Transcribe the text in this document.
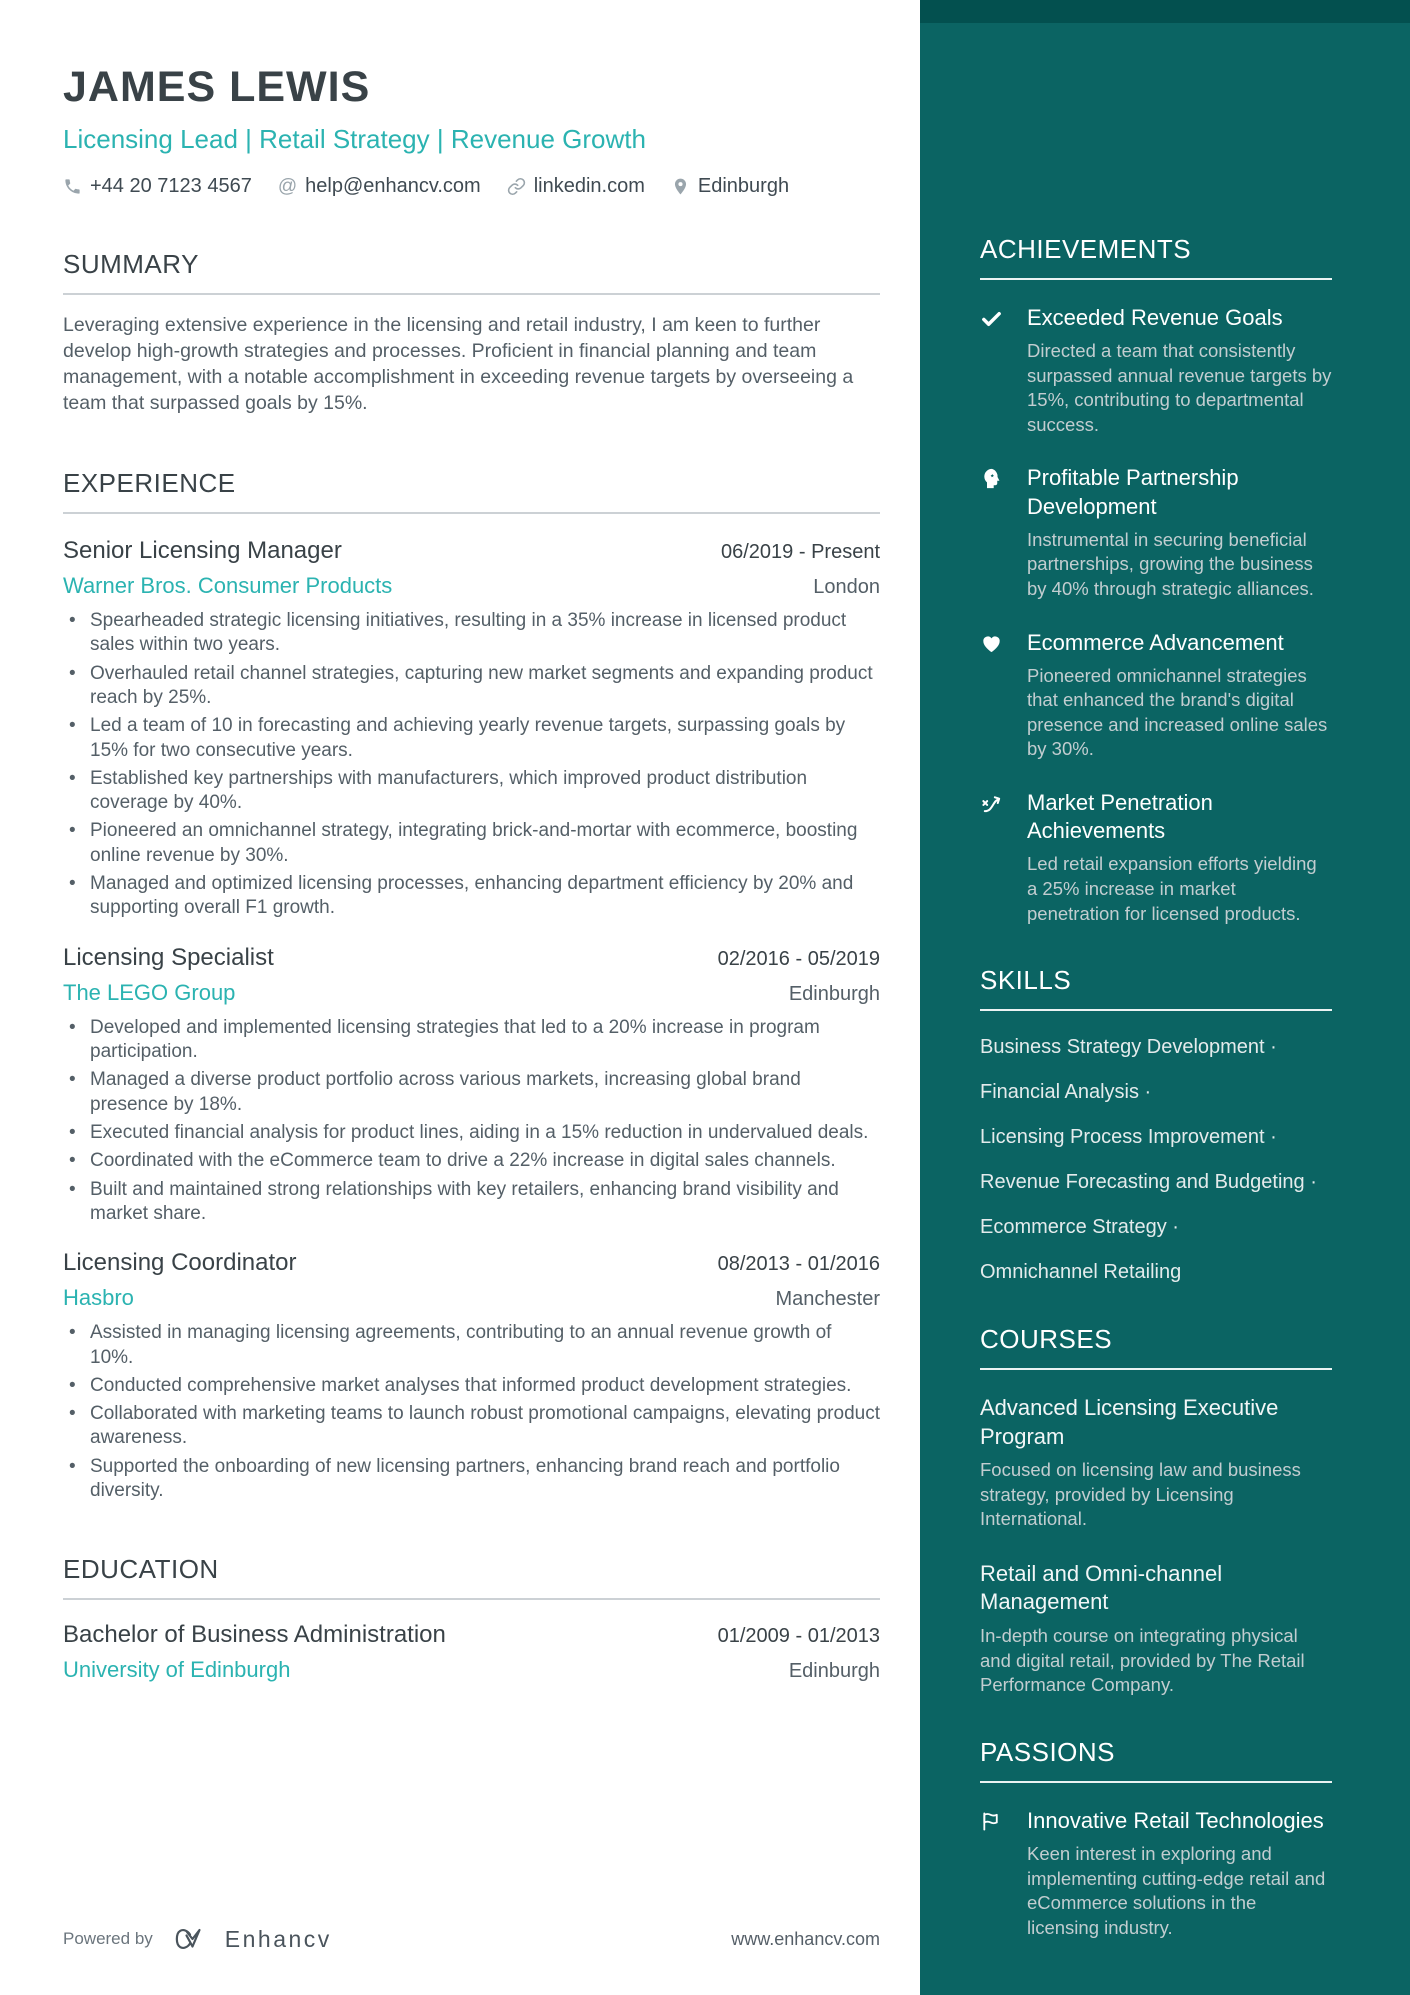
JAMES LEWIS
Licensing Lead | Retail Strategy | Revenue Growth
+44 20 7123 4567 @ help@enhancv.com	linkedin.com	Edinburgh
SUMMARY
Leveraging extensive experience in the licensing and retail industry, I am keen to further develop high-growth strategies and processes. Proficient in financial planning and team management, with a notable accomplishment in exceeding revenue targets by overseeing a team that surpassed goals by 15%.
EXPERIENCE
Senior Licensing Manager	06/2019 - Present
Warner Bros. Consumer Products	London
• Spearheaded strategic licensing initiatives, resulting in a 35% increase in licensed product sales within two years.
• Overhauled retail channel strategies, capturing new market segments and expanding product reach by 25%.
• Led a team of 10 in forecasting and achieving yearly revenue targets, surpassing goals by 15% for two consecutive years.
• Established key partnerships with manufacturers, which improved product distribution coverage by 40%.
• Pioneered an omnichannel strategy, integrating brick-and-mortar with ecommerce, boosting online revenue by 30%.
• Managed and optimized licensing processes, enhancing department efficiency by 20% and supporting overall F1 growth.
Licensing Specialist	02/2016 - 05/2019
The LEGO Group	Edinburgh
• Developed and implemented licensing strategies that led to a 20% increase in program participation.
• Managed a diverse product portfolio across various markets, increasing global brand presence by 18%.
• Executed financial analysis for product lines, aiding in a 15% reduction in undervalued deals.
• Coordinated with the eCommerce team to drive a 22% increase in digital sales channels.
• Built and maintained strong relationships with key retailers, enhancing brand visibility and market share.
Licensing Coordinator	08/2013 - 01/2016
Hasbro	Manchester
• Assisted in managing licensing agreements, contributing to an annual revenue growth of 10%.
• Conducted comprehensive market analyses that informed product development strategies.
• Collaborated with marketing teams to launch robust promotional campaigns, elevating product awareness.
• Supported the onboarding of new licensing partners, enhancing brand reach and portfolio diversity.
EDUCATION
Bachelor of Business Administration	01/2009 - 01/2013
University of Edinburgh	Edinburgh
Powered by	Enhancv	www.enhancv.com
ACHIEVEMENTS
Exceeded Revenue Goals
Directed a team that consistently surpassed annual revenue targets by 15%, contributing to departmental success.
Profitable Partnership Development
Instrumental in securing beneficial partnerships, growing the business by 40% through strategic alliances.
Ecommerce Advancement
Pioneered omnichannel strategies that enhanced the brand's digital presence and increased online sales by 30%.
Market Penetration Achievements
Led retail expansion efforts yielding a 25% increase in market penetration for licensed products.
SKILLS
Business Strategy Development ·
Financial Analysis ·
Licensing Process Improvement ·
Revenue Forecasting and Budgeting ·
Ecommerce Strategy ·
Omnichannel Retailing
COURSES
Advanced Licensing Executive Program
Focused on licensing law and business strategy, provided by Licensing International.
Retail and Omni-channel Management
In-depth course on integrating physical and digital retail, provided by The Retail Performance Company.
PASSIONS
Innovative Retail Technologies
Keen interest in exploring and implementing cutting-edge retail and eCommerce solutions in the licensing industry.
